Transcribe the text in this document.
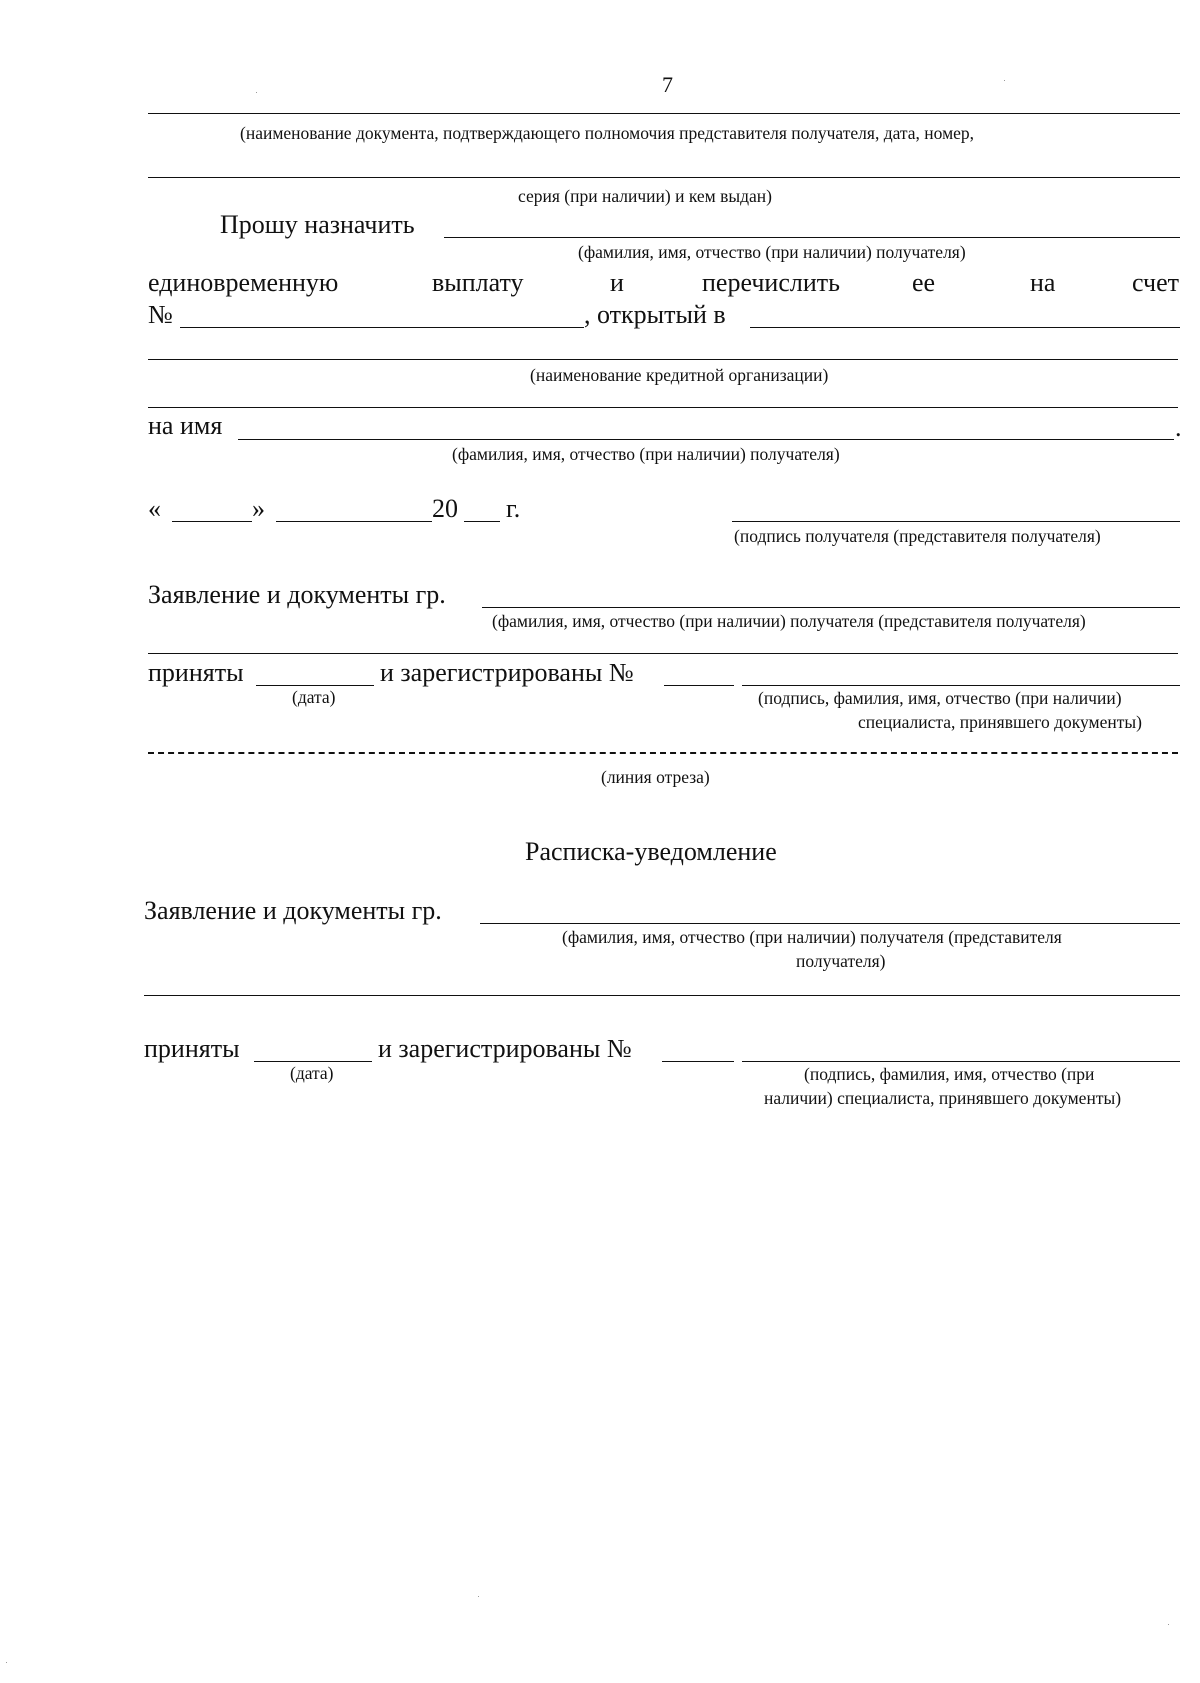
7
(наименование документа, подтверждающего полномочия представителя получателя, дата, номер,
серия (при наличии) и кем выдан)
Прошу назначить
(фамилия, имя, отчество (при наличии) получателя)
единовременную	выплату	и	перечислить	ее	на	счет
№	, открытый в
(наименование кредитной организации)
на имя	.
(фамилия, имя, отчество (при наличии) получателя)
«	»	20 г.
(подпись получателя (представителя получателя)
Заявление и документы гр.
(фамилия, имя, отчество (при наличии) получателя (представителя получателя)
приняты	и зарегистрированы №
(дата)	(подпись, фамилия, имя, отчество (при наличии)
специалиста, принявшего документы)
(линия отреза)
Расписка-уведомление
Заявление и документы гр.
(фамилия, имя, отчество (при наличии) получателя (представителя
получателя)
приняты	и зарегистрированы №
(дата)	(подпись, фамилия, имя, отчество (при
наличии) специалиста, принявшего документы)
